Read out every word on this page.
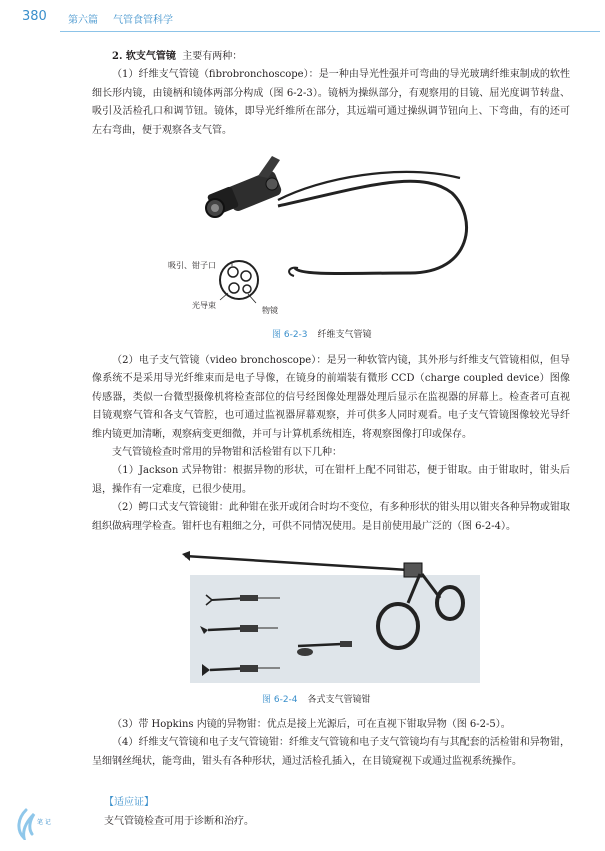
380 第六篇 气管食管科学

2. 软支气管镜 主要有两种：

（1）纤维支气管镜（fibrobronchoscope）：是一种由导光性强并可弯曲的导光玻璃纤维束制成的软性细长形内镜，由镜柄和镜体两部分构成（图 6-2-3）。镜柄为操纵部分，有观察用的目镜、屈光度调节转盘、吸引及活检孔口和调节钮。镜体，即导光纤维所在部分，其远端可通过操纵调节钮向上、下弯曲，有的还可左右弯曲，便于观察各支气管。

吸引、钳子口
光导束
物镜
图 6-2-3 纤维支气管镜

（2）电子支气管镜（video bronchoscope）：是另一种软管内镜，其外形与纤维支气管镜相似，但导像系统不是采用导光纤维束而是电子导像，在镜身的前端装有微形 CCD（charge coupled device）图像传感器，类似一台微型摄像机将检查部位的信号经图像处理器处理后显示在监视器的屏幕上。检查者可直视目镜观察气管和各支气管腔，也可通过监视器屏幕观察，并可供多人同时观看。电子支气管镜图像较光导纤维内镜更加清晰，观察病变更细微，并可与计算机系统相连，将观察图像打印或保存。

支气管镜检查时常用的异物钳和活检钳有以下几种：

（1）Jackson 式异物钳：根据异物的形状，可在钳杆上配不同钳芯，便于钳取。由于钳取时，钳头后退，操作有一定难度，已很少使用。

（2）鳄口式支气管镜钳：此种钳在张开或闭合时均不变位，有多种形状的钳头用以钳夹各种异物或钳取组织做病理学检查。钳杆也有粗细之分，可供不同情况使用。是目前使用最广泛的（图 6-2-4）。

图 6-2-4 各式支气管镜钳

（3）带 Hopkins 内镜的异物钳：优点是接上光源后，可在直视下钳取异物（图 6-2-5）。

（4）纤维支气管镜和电子支气管镜钳：纤维支气管镜和电子支气管镜均有与其配套的活检钳和异物钳，呈细钢丝绳状，能弯曲，钳头有各种形状，通过活检孔插入，在目镜窥视下或通过监视系统操作。

【适应证】
支气管镜检查可用于诊断和治疗。
笔 记
